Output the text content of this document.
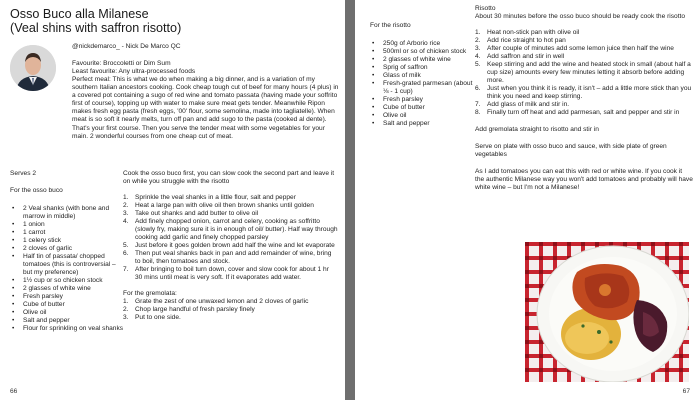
Osso Buco alla Milanese
(Veal shins with saffron risotto)

@nickdemarco_ - Nick De Marco QC

Favourite: Broccoletti or Dim Sum

Least favourite: Any ultra-processed foods

Perfect meal: This is what we do when making a big dinner, and is a variation of my southern Italian ancestors cooking. Cook cheap tough cut of beef for many hours (4 plus) in a covered pot containing a sugo of red wine and tomato passata (having made your soffrito first of course), topping up with water to make sure meat gets tender. Meanwhile Ripon makes fresh egg pasta (fresh eggs, '00' flour, some semolina, made into tagliatelle). When meat is so soft it nearly melts, turn off pan and add sugo to the pasta (cooked al dente). That's your first course. Then you serve the tender meat with some vegetables for your main. 2 wonderful courses from one cheap cut of meat.

Serves 2

For the osso buco

• 2 Veal shanks (with bone and marrow in middle)
• 1 onion
• 1 carrot
• 1 celery stick
• 2 cloves of garlic
• Half tin of passata/ chopped tomatoes (this is controversial – but my preference)
• 1½ cup or so chicken stock
• 2 glasses of white wine
• Fresh parsley
• Cube of butter
• Olive oil
• Salt and pepper
• Flour for sprinkling on veal shanks

Cook the osso buco first, you can slow cook the second part and leave it on while you struggle with the risotto

1. Sprinkle the veal shanks in a little flour, salt and pepper
2. Heat a large pan with olive oil then brown shanks until golden
3. Take out shanks and add butter to olive oil
4. Add finely chopped onion, carrot and celery, cooking as soffritto (slowly fry, making sure it is in enough of oil/ butter). Half way through cooking add garlic and finely chopped parsley
5. Just before it goes golden brown add half the wine and let evaporate
6. Then put veal shanks back in pan and add remainder of wine, bring to boil, then tomatoes and stock.
7. After bringing to boil turn down, cover and slow cook for about 1 hr 30 mins until meat is very soft. If it evaporates add water.

For the gremolata:

1. Grate the zest of one unwaxed lemon and 2 cloves of garlic
2. Chop large handful of fresh parsley finely
3. Put to one side.

66

For the risotto

• 250g of Arborio rice
• 500ml or so of chicken stock
• 2 glasses of white wine
• Sprig of saffron
• Glass of milk
• Fresh-grated parmesan (about ⅛ - 1 cup)
• Fresh parsley
• Cube of butter
• Olive oil
• Salt and pepper

Risotto

About 30 minutes before the osso buco should be ready cook the risotto

1. Heat non-stick pan with olive oil
2. Add rice straight to hot pan
3. After couple of minutes add some lemon juice then half the wine
4. Add saffron and stir in well
5. Keep stirring and add the wine and heated stock in small (about half a cup size) amounts every few minutes letting it absorb before adding more.
6. Just when you think it is ready, it isn't – add a little more stick than you think you need and keep stirring.
7. Add glass of milk and stir in.
8. Finally turn off heat and add parmesan, salt and pepper and stir in

Add gremolata straight to risotto and stir in

Serve on plate with osso buco and sauce, with side plate of green vegetables

As I add tomatoes you can eat this with red or white wine. If you cook it the authentic Milanese way you won't add tomatoes and probably will have white wine – but I'm not a Milanese!

67
